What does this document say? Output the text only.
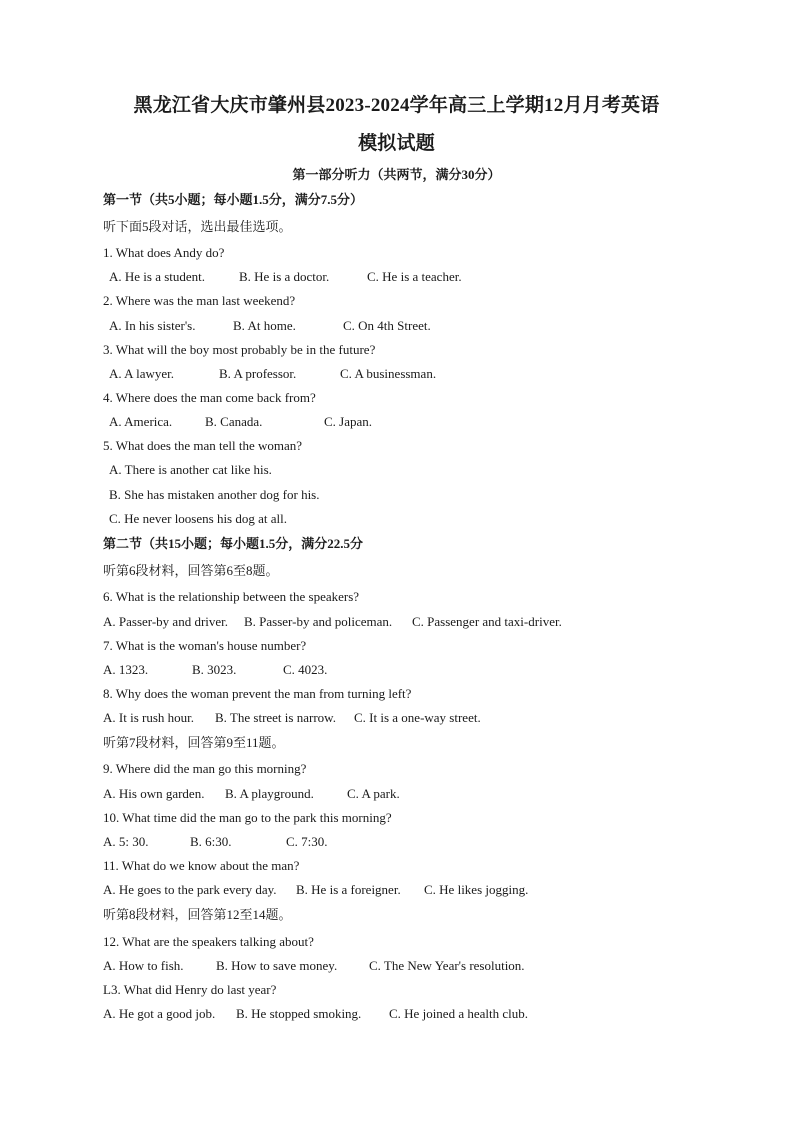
黑龙江省大庆市肇州县2023-2024学年高三上学期12月月考英语
模拟试题
第一部分听力（共两节，满分30分）
第一节（共5小题；每小题1.5分，满分7.5分）
听下面5段对话，选出最佳选项。
1. What does Andy do?
A. He is a student.	B. He is a doctor.	C. He is a teacher.
2. Where was the man last weekend?
A. In his sister's.	B. At home.	C. On 4th Street.
3. What will the boy most probably be in the future?
A. A lawyer.	B. A professor.	C. A businessman.
4. Where does the man come back from?
A. America.	B. Canada.	C. Japan.
5. What does the man tell the woman?
A. There is another cat like his.
B. She has mistaken another dog for his.
C. He never loosens his dog at all.
第二节（共15小题；每小题1.5分，满分22.5分
听第6段材料，回答第6至8题。
6. What is the relationship between the speakers?
A. Passer-by and driver. B. Passer-by and policeman. C. Passenger and taxi-driver.
7. What is the woman's house number?
A. 1323.	B. 3023.	C. 4023.
8. Why does the woman prevent the man from turning left?
A. It is rush hour. B. The street is narrow. C. It is a one-way street.
听第7段材料，回答第9至11题。
9. Where did the man go this morning?
A. His own garden. B. A playground.	C. A park.
10. What time did the man go to the park this morning?
A. 5: 30.	B. 6:30.	C. 7:30.
11. What do we know about the man?
A. He goes to the park every day. B. He is a foreigner. C. He likes jogging.
听第8段材料，回答第12至14题。
12. What are the speakers talking about?
A. How to fish. B. How to save money. C. The New Year's resolution.
L3. What did Henry do last year?
A. He got a good job. B. He stopped smoking. C. He joined a health club.
